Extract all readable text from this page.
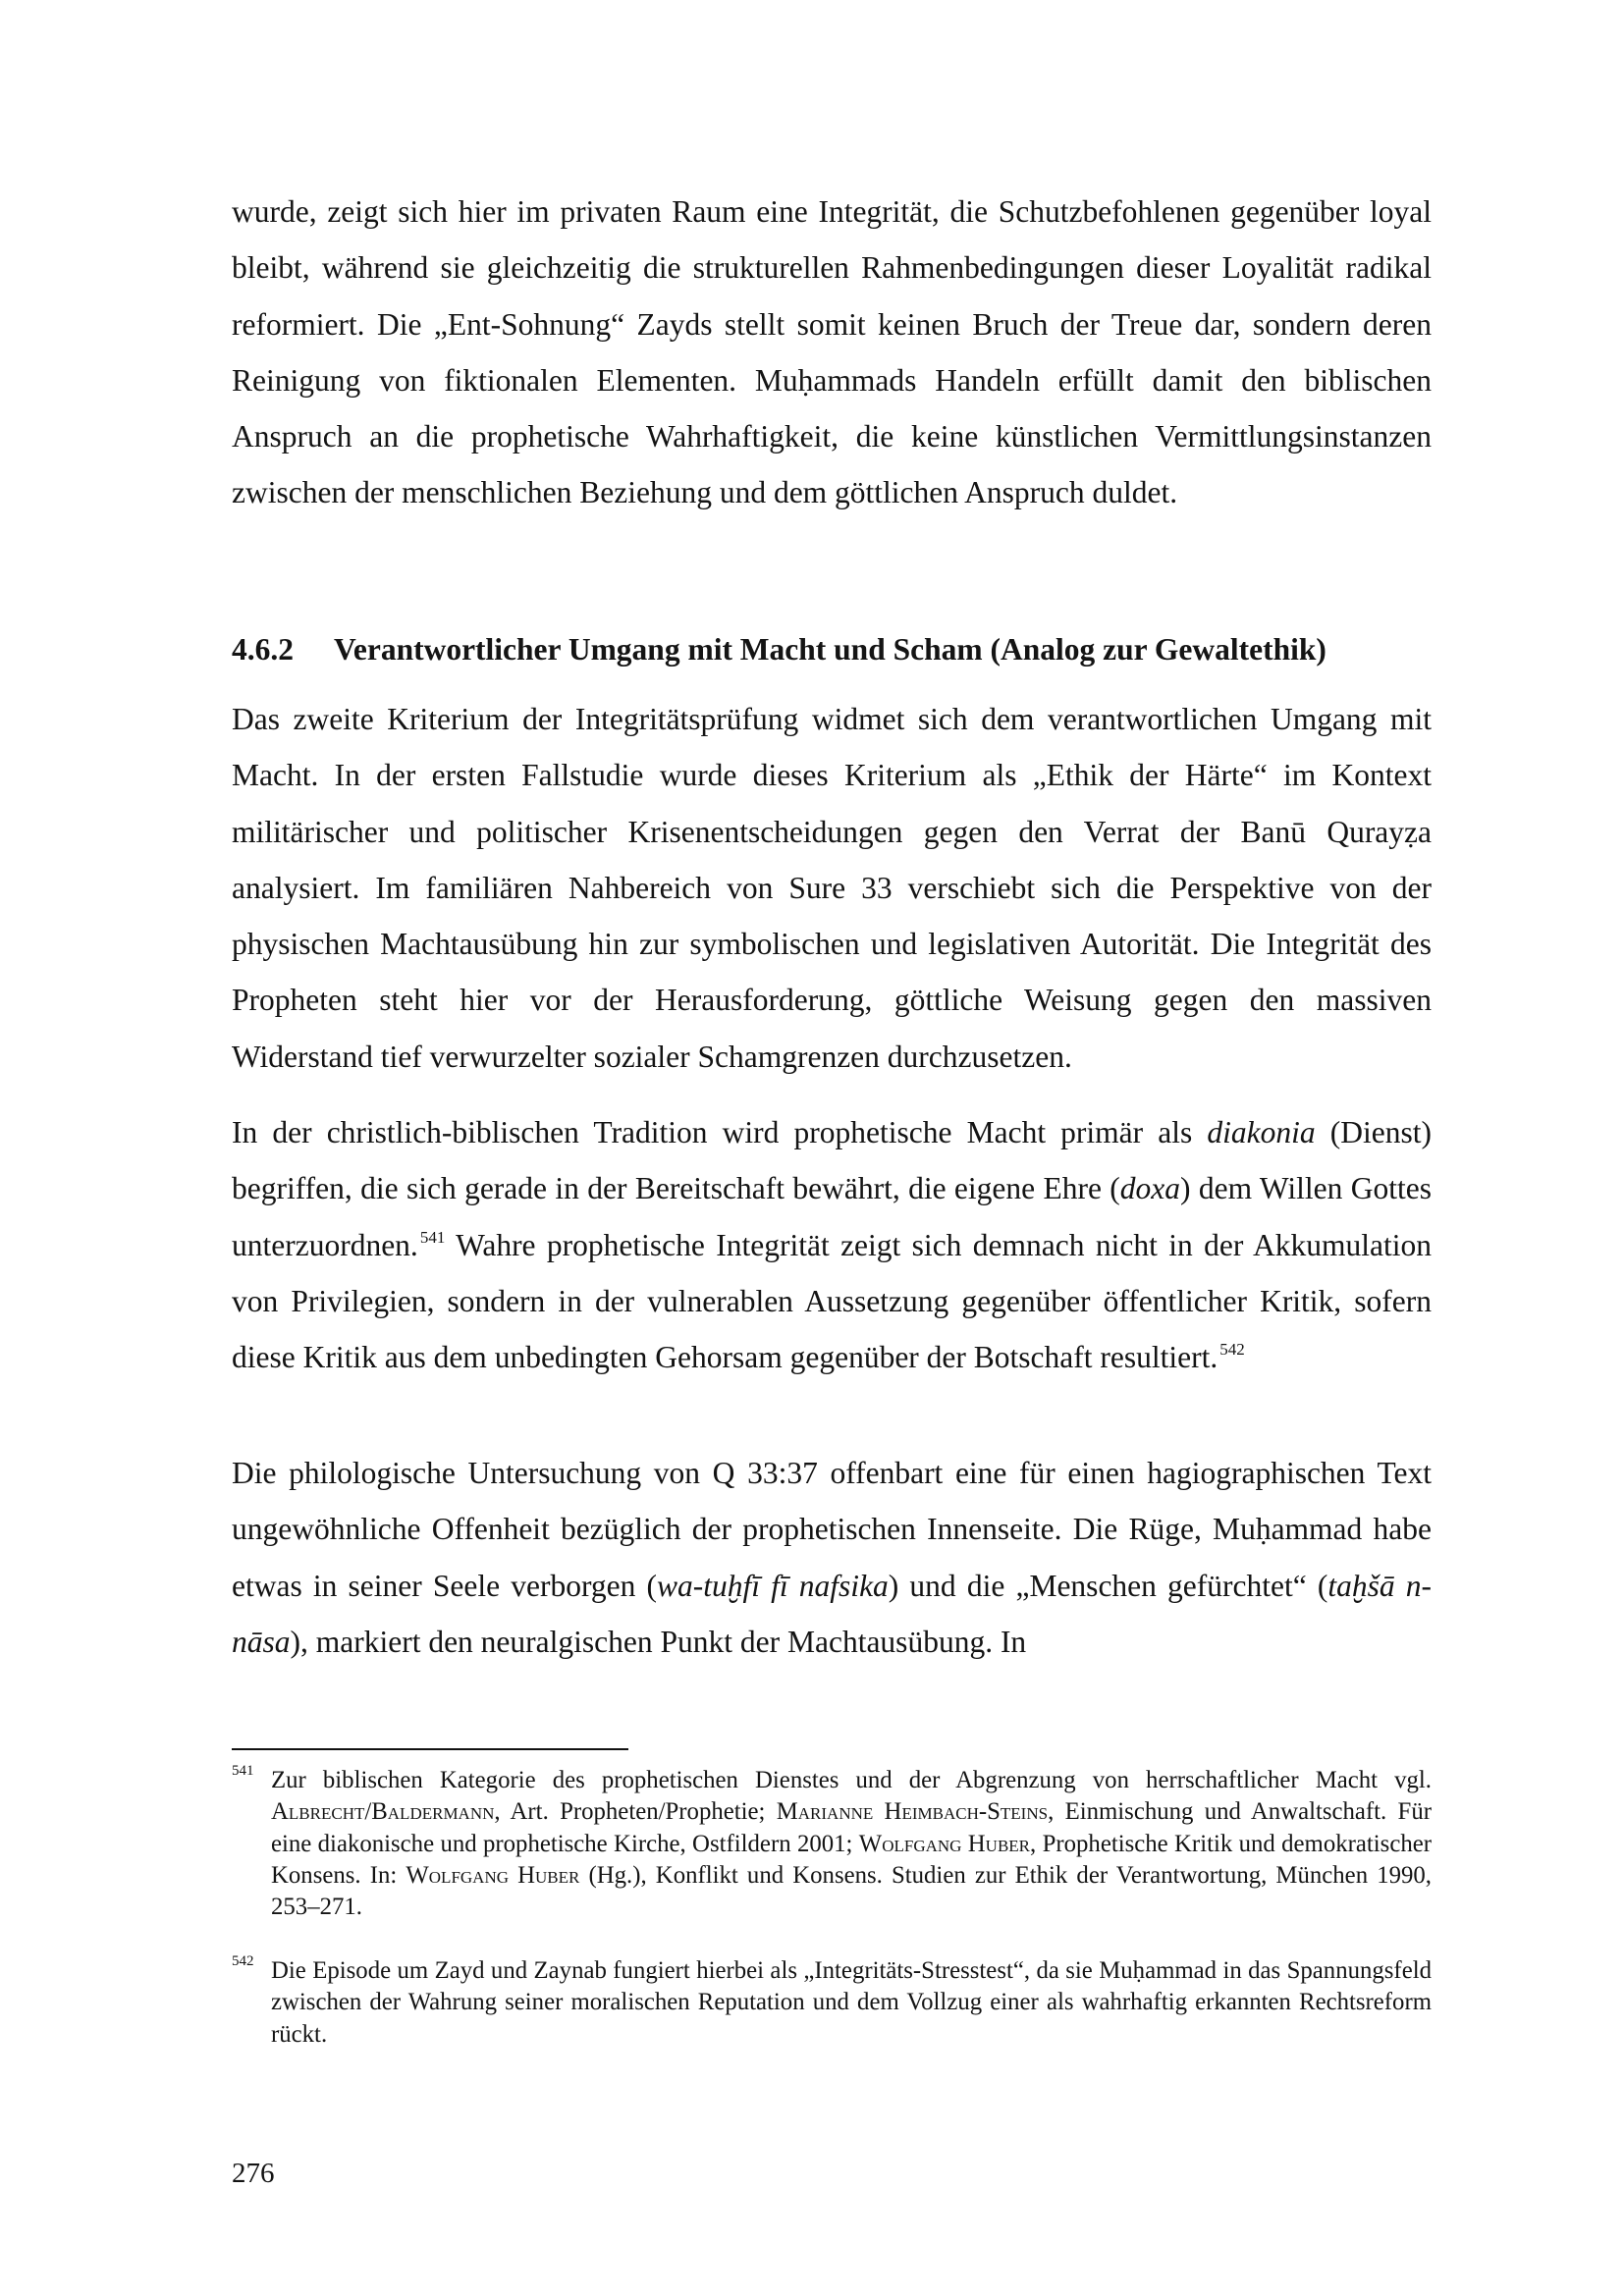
wurde, zeigt sich hier im privaten Raum eine Integrität, die Schutzbefohlenen gegenüber loyal bleibt, während sie gleichzeitig die strukturellen Rahmenbedingungen dieser Loyalität radikal reformiert. Die „Ent-Sohnung“ Zayds stellt somit keinen Bruch der Treue dar, sondern deren Reinigung von fiktionalen Elementen. Muḥammads Handeln erfüllt damit den biblischen Anspruch an die prophetische Wahrhaftigkeit, die keine künstlichen Vermittlungsinstanzen zwischen der menschlichen Beziehung und dem göttlichen Anspruch duldet.

4.6.2 Verantwortlicher Umgang mit Macht und Scham (Analog zur Gewaltethik)

Das zweite Kriterium der Integritätsprüfung widmet sich dem verantwortlichen Umgang mit Macht. In der ersten Fallstudie wurde dieses Kriterium als „Ethik der Härte“ im Kontext militärischer und politischer Krisenentscheidungen gegen den Verrat der Banū Qurayẓa analysiert. Im familiären Nahbereich von Sure 33 verschiebt sich die Perspektive von der physischen Machtausübung hin zur symbolischen und legislativen Autorität. Die Integrität des Propheten steht hier vor der Herausforderung, göttliche Weisung gegen den massiven Widerstand tief verwurzelter sozialer Schamgrenzen durchzusetzen.

In der christlich-biblischen Tradition wird prophetische Macht primär als diakonia (Dienst) begriffen, die sich gerade in der Bereitschaft bewährt, die eigene Ehre (doxa) dem Willen Gottes unterzuordnen. $^{541}$ Wahre prophetische Integrität zeigt sich demnach nicht in der Akkumulation von Privilegien, sondern in der vulnerablen Aussetzung gegenüber öffentlicher Kritik, sofern diese Kritik aus dem unbedingten Gehorsam gegenüber der Botschaft resultiert. $^{542}$

Die philologische Untersuchung von Q 33:37 offenbart eine für einen hagiographischen Text ungewöhnliche Offenheit bezüglich der prophetischen Innenseite. Die Rüge, Muḥammad habe etwas in seiner Seele verborgen (wa-tuḫfī fī nafsika) und die „Menschen gefürchtet“ (taḫšā n-nāsa), markiert den neuralgischen Punkt der Machtausübung. In

541 Zur biblischen Kategorie des prophetischen Dienstes und der Abgrenzung von herrschaftlicher Macht vgl. Albrecht/Baldermann, Art. Propheten/Prophetie; Marianne Heimbach-Steins, Einmischung und Anwaltschaft. Für eine diakonische und prophetische Kirche, Ostfildern 2001; Wolfgang Huber, Prophetische Kritik und demokratischer Konsens. In: Wolfgang Huber (Hg.), Konflikt und Konsens. Studien zur Ethik der Verantwortung, München 1990, 253–271.

542 Die Episode um Zayd und Zaynab fungiert hierbei als „Integritäts-Stresstest“, da sie Muḥammad in das Spannungsfeld zwischen der Wahrung seiner moralischen Reputation und dem Vollzug einer als wahrhaftig erkannten Rechtsreform rückt.

276
